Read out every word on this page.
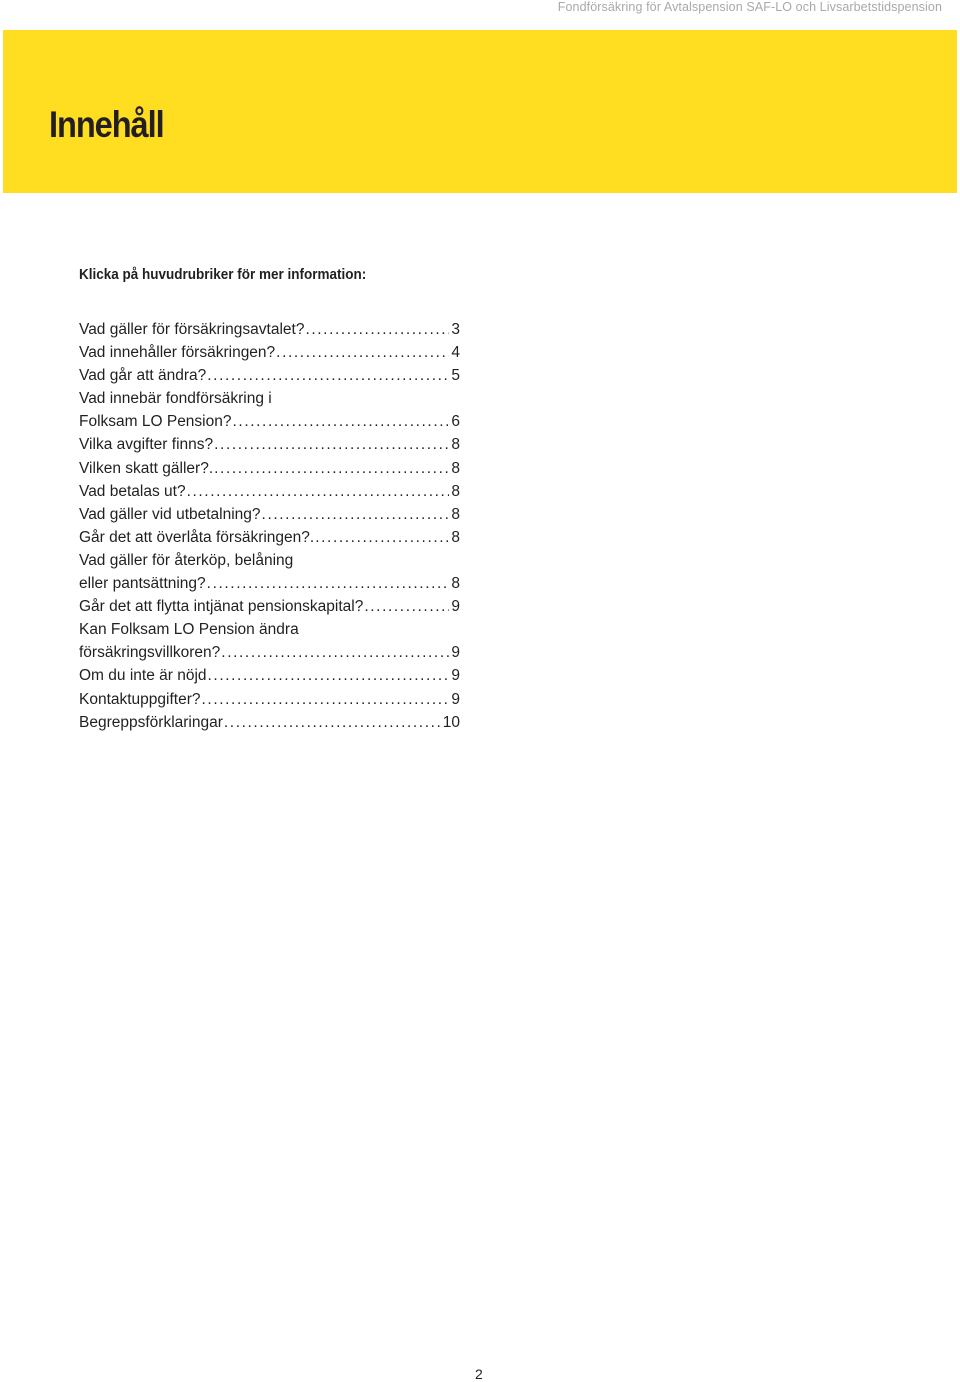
Fondförsäkring för Avtalspension SAF-LO och Livsarbetstidspension
Innehåll
Klicka på huvudrubriker för mer information:
Vad gäller för försäkringsavtalet? .....	3
Vad innehåller försäkringen? .....	4
Vad går att ändra? .....	5
Vad innebär fondförsäkring i
Folksam LO Pension? .....	6
Vilka avgifter finns? .....	8
Vilken skatt gäller?. .....	8
Vad betalas ut? .....	8
Vad gäller vid utbetalning? .....	8
Går det att överlåta försäkringen?. .....	8
Vad gäller för återköp, belåning
eller pantsättning? .....	8
Går det att flytta intjänat pensionskapital? .....	9
Kan Folksam LO Pension ändra
försäkringsvillkoren? .....	9
Om du inte är nöjd .....	9
Kontaktuppgifter? .....	9
Begreppsförklaringar .....	10
2
